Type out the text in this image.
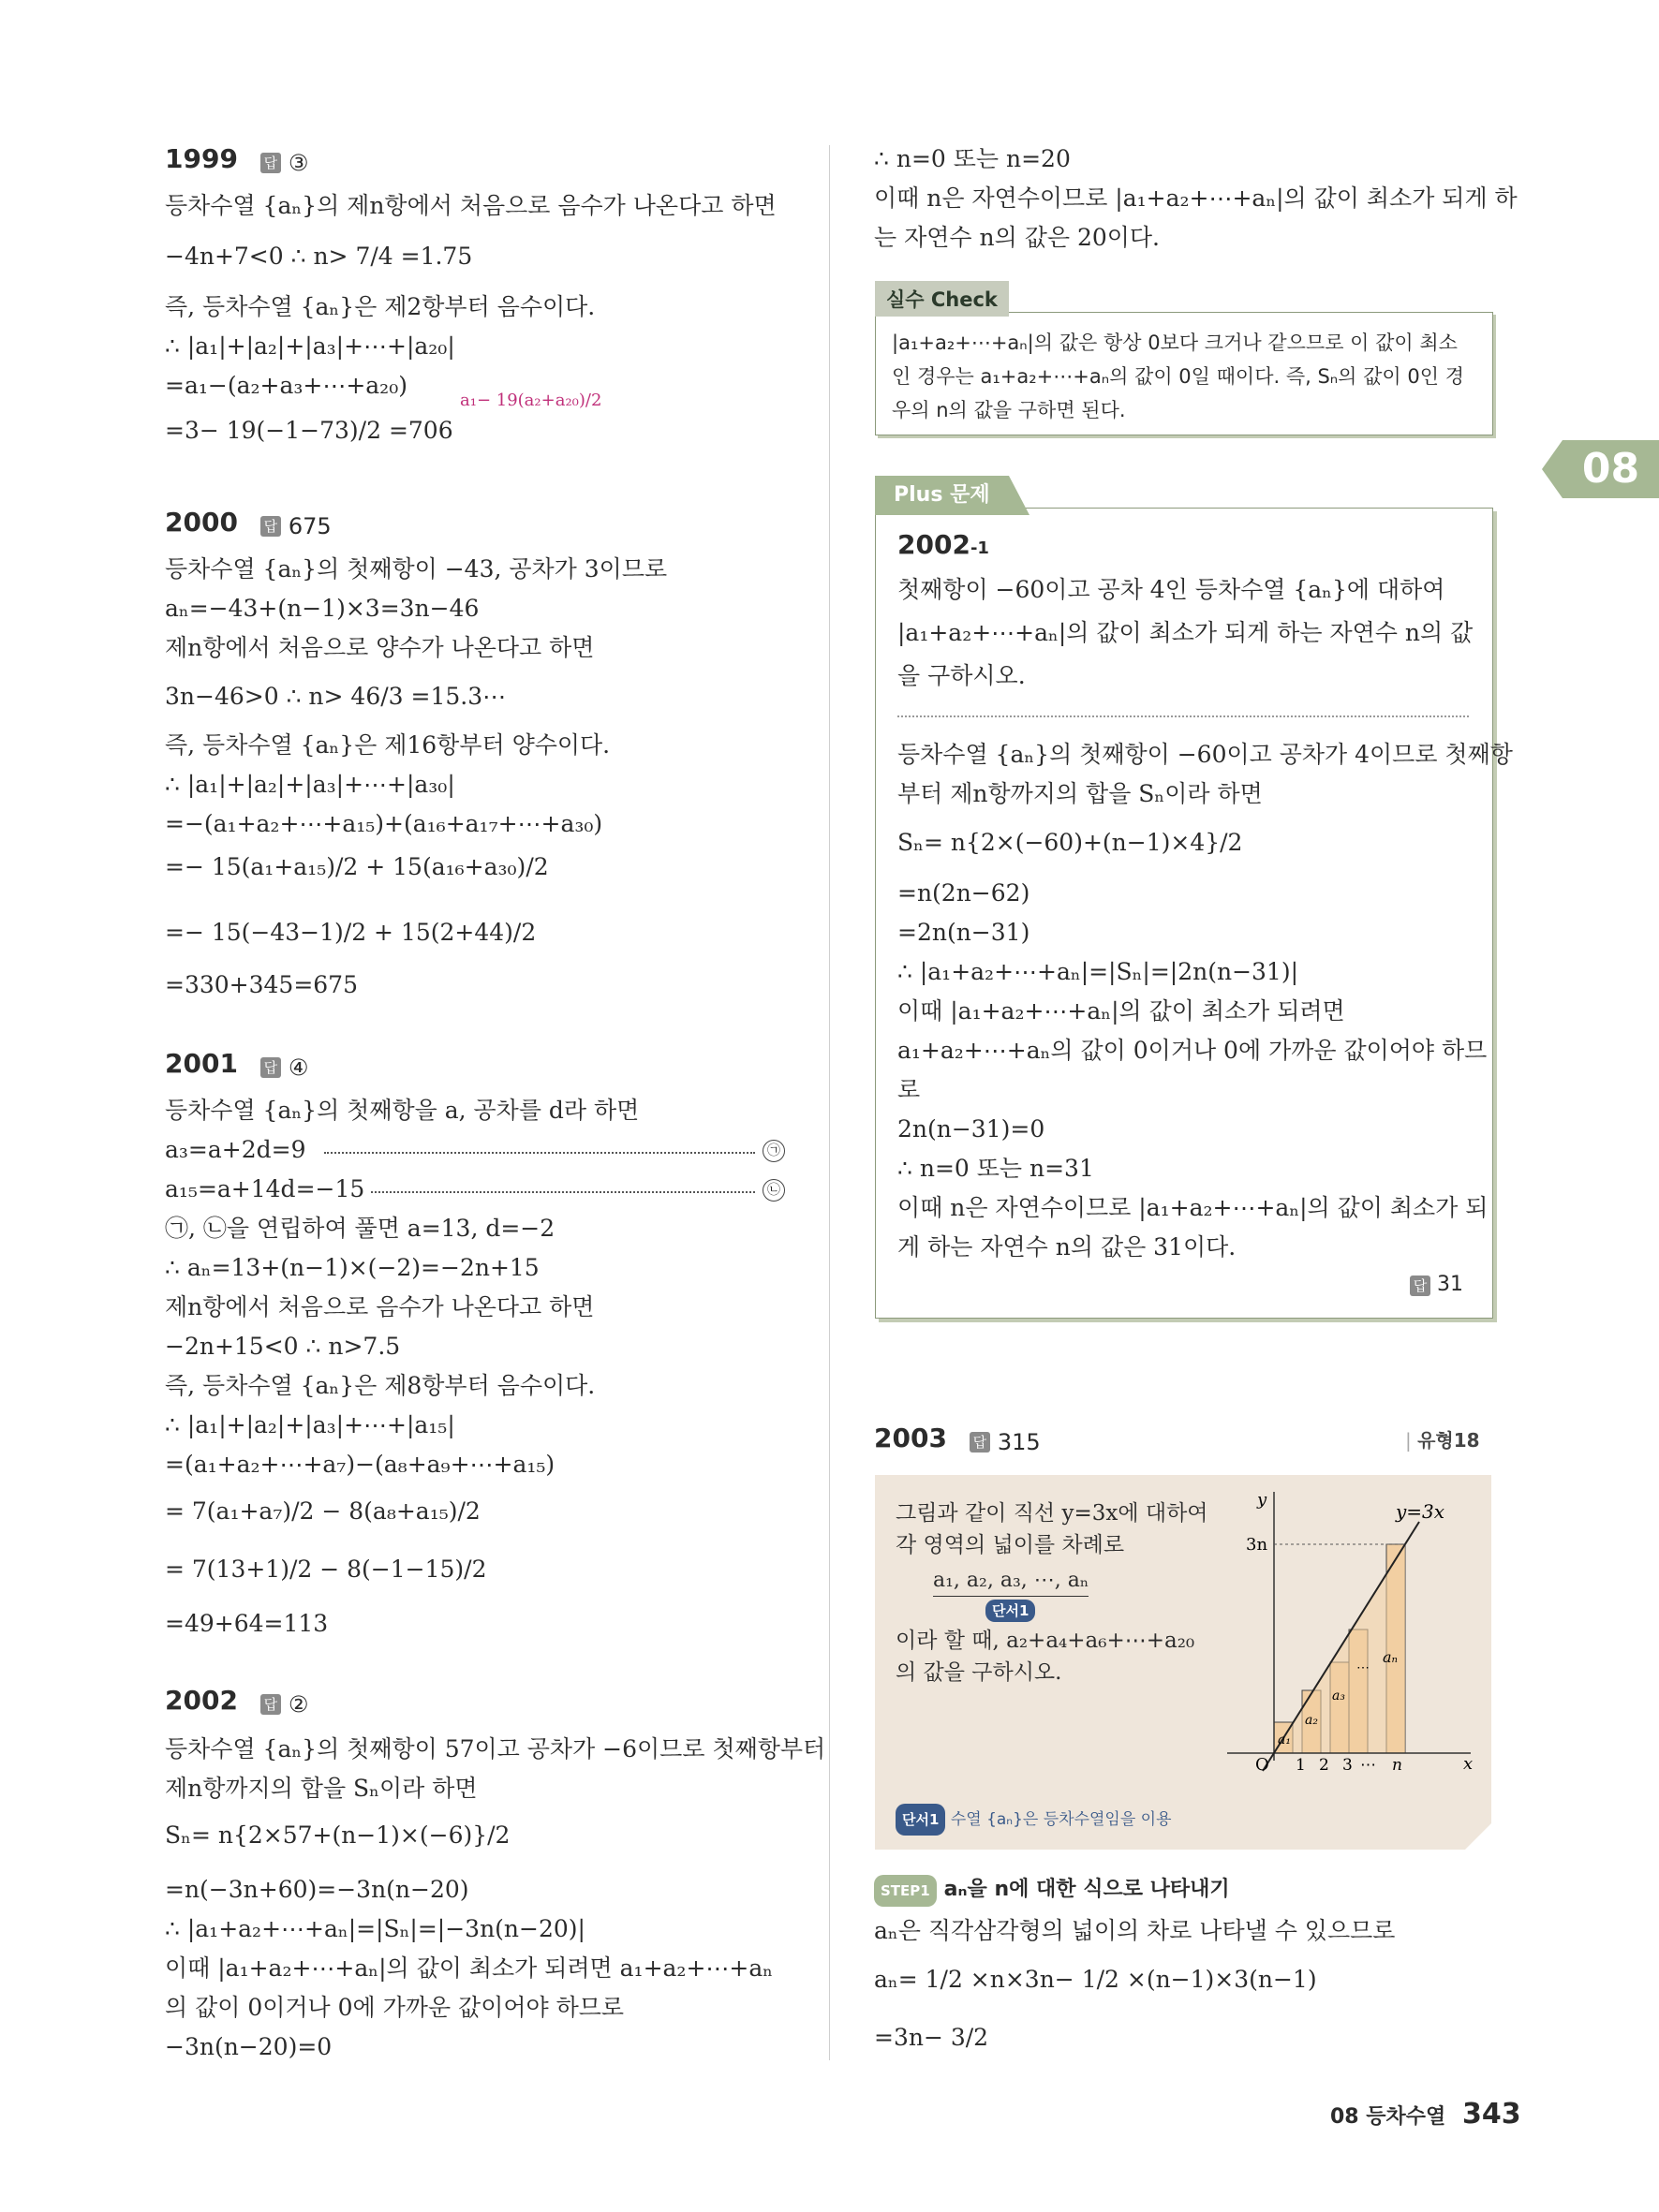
1999 답 ③
등차수열 {aₙ}의 제n항에서 처음으로 음수가 나온다고 하면
−4n+7<0 ∴ n> 7/4 =1.75
즉, 등차수열 {aₙ}은 제2항부터 음수이다.
∴ |a₁|+|a₂|+|a₃|+⋯+|a₂₀|
=a₁−(a₂+a₃+⋯+a₂₀)
a₁− 19(a₂+a₂₀)/2
=3− 19(−1−73)/2 =706
2000 답 675
등차수열 {aₙ}의 첫째항이 −43, 공차가 3이므로
aₙ=−43+(n−1)×3=3n−46
제n항에서 처음으로 양수가 나온다고 하면
3n−46>0 ∴ n> 46/3 =15.3⋯
즉, 등차수열 {aₙ}은 제16항부터 양수이다.
∴ |a₁|+|a₂|+|a₃|+⋯+|a₃₀|
=−(a₁+a₂+⋯+a₁₅)+(a₁₆+a₁₇+⋯+a₃₀)
=− 15(a₁+a₁₅)/2 + 15(a₁₆+a₃₀)/2
=− 15(−43−1)/2 + 15(2+44)/2
=330+345=675
2001 답 ④
등차수열 {aₙ}의 첫째항을 a, 공차를 d라 하면
a₃=a+2d=9	㉠
a₁₅=a+14d=−15	㉡
㉠, ㉡을 연립하여 풀면 a=13, d=−2
∴ aₙ=13+(n−1)×(−2)=−2n+15
제n항에서 처음으로 음수가 나온다고 하면
−2n+15<0 ∴ n>7.5
즉, 등차수열 {aₙ}은 제8항부터 음수이다.
∴ |a₁|+|a₂|+|a₃|+⋯+|a₁₅|
=(a₁+a₂+⋯+a₇)−(a₈+a₉+⋯+a₁₅)
= 7(a₁+a₇)/2 − 8(a₈+a₁₅)/2
= 7(13+1)/2 − 8(−1−15)/2
=49+64=113
2002 답 ②
등차수열 {aₙ}의 첫째항이 57이고 공차가 −6이므로 첫째항부터
제n항까지의 합을 Sₙ이라 하면
Sₙ= n{2×57+(n−1)×(−6)}/2
=n(−3n+60)=−3n(n−20)
∴ |a₁+a₂+⋯+aₙ|=|Sₙ|=|−3n(n−20)|
이때 |a₁+a₂+⋯+aₙ|의 값이 최소가 되려면 a₁+a₂+⋯+aₙ
의 값이 0이거나 0에 가까운 값이어야 하므로
−3n(n−20)=0
∴ n=0 또는 n=20
이때 n은 자연수이므로 |a₁+a₂+⋯+aₙ|의 값이 최소가 되게 하
는 자연수 n의 값은 20이다.
실수 Check
|a₁+a₂+⋯+aₙ|의 값은 항상 0보다 크거나 같으므로 이 값이 최소
인 경우는 a₁+a₂+⋯+aₙ의 값이 0일 때이다. 즉, Sₙ의 값이 0인 경
우의 n의 값을 구하면 된다.
08
Plus 문제
2002-1
첫째항이 −60이고 공차 4인 등차수열 {aₙ}에 대하여
|a₁+a₂+⋯+aₙ|의 값이 최소가 되게 하는 자연수 n의 값
을 구하시오.
등차수열 {aₙ}의 첫째항이 −60이고 공차가 4이므로 첫째항
부터 제n항까지의 합을 Sₙ이라 하면
Sₙ= n{2×(−60)+(n−1)×4}/2
=n(2n−62)
=2n(n−31)
∴ |a₁+a₂+⋯+aₙ|=|Sₙ|=|2n(n−31)|
이때 |a₁+a₂+⋯+aₙ|의 값이 최소가 되려면
a₁+a₂+⋯+aₙ의 값이 0이거나 0에 가까운 값이어야 하므
로
2n(n−31)=0
∴ n=0 또는 n=31
이때 n은 자연수이므로 |a₁+a₂+⋯+aₙ|의 값이 최소가 되
게 하는 자연수 n의 값은 31이다.
답 31
2003 답 315	| 유형18
그림과 같이 직선 y=3x에 대하여
각 영역의 넓이를 차례로
a₁, a₂, a₃, ⋯, aₙ
단서1
이라 할 때, a₂+a₄+a₆+⋯+a₂₀
의 값을 구하시오.
단서1 수열 {aₙ}은 등차수열임을 이용
y
x
y=3x
3n
O 1 2 3 ⋯ n
a₁
a₂
a₃
⋯
aₙ
STEP1 aₙ을 n에 대한 식으로 나타내기
aₙ은 직각삼각형의 넓이의 차로 나타낼 수 있으므로
aₙ= 1/2 ×n×3n− 1/2 ×(n−1)×3(n−1)
=3n− 3/2
08 등차수열 343
